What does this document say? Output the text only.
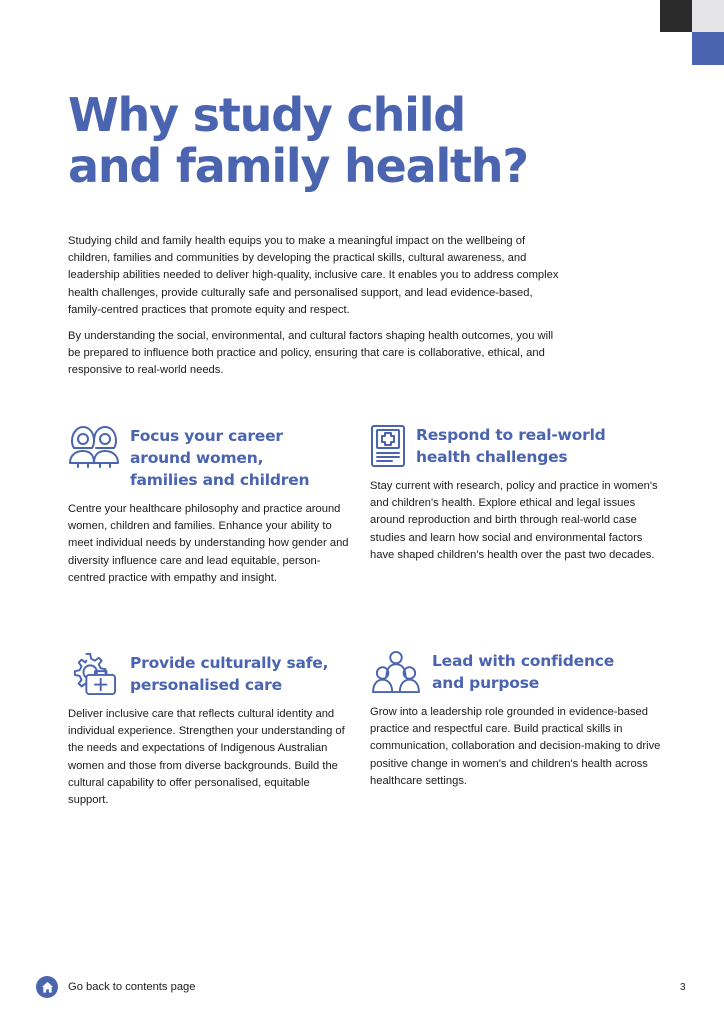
Why study child
and family health?

Studying child and family health equips you to make a meaningful impact on the wellbeing of children, families and communities by developing the practical skills, cultural awareness, and leadership abilities needed to deliver high-quality, inclusive care. It enables you to address complex health challenges, provide culturally safe and personalised support, and lead evidence-based, family-centred practices that promote equity and respect.

By understanding the social, environmental, and cultural factors shaping health outcomes, you will be prepared to influence both practice and policy, ensuring that care is collaborative, ethical, and responsive to real-world needs.

Focus your career
around women,
families and children

Centre your healthcare philosophy and practice around women, children and families. Enhance your ability to meet individual needs by understanding how gender and diversity influence care and lead equitable, person-centred practice with empathy and insight.

Respond to real-world
health challenges

Stay current with research, policy and practice in women's and children's health. Explore ethical and legal issues around reproduction and birth through real-world case studies and learn how social and environmental factors have shaped children's health over the past two decades.

Provide culturally safe,
personalised care

Deliver inclusive care that reflects cultural identity and individual experience. Strengthen your understanding of the needs and expectations of Indigenous Australian women and those from diverse backgrounds. Build the cultural capability to offer personalised, equitable support.

Lead with confidence
and purpose

Grow into a leadership role grounded in evidence-based practice and respectful care. Build practical skills in communication, collaboration and decision-making to drive positive change in women's and children's health across healthcare settings.

Go back to contents page	3
